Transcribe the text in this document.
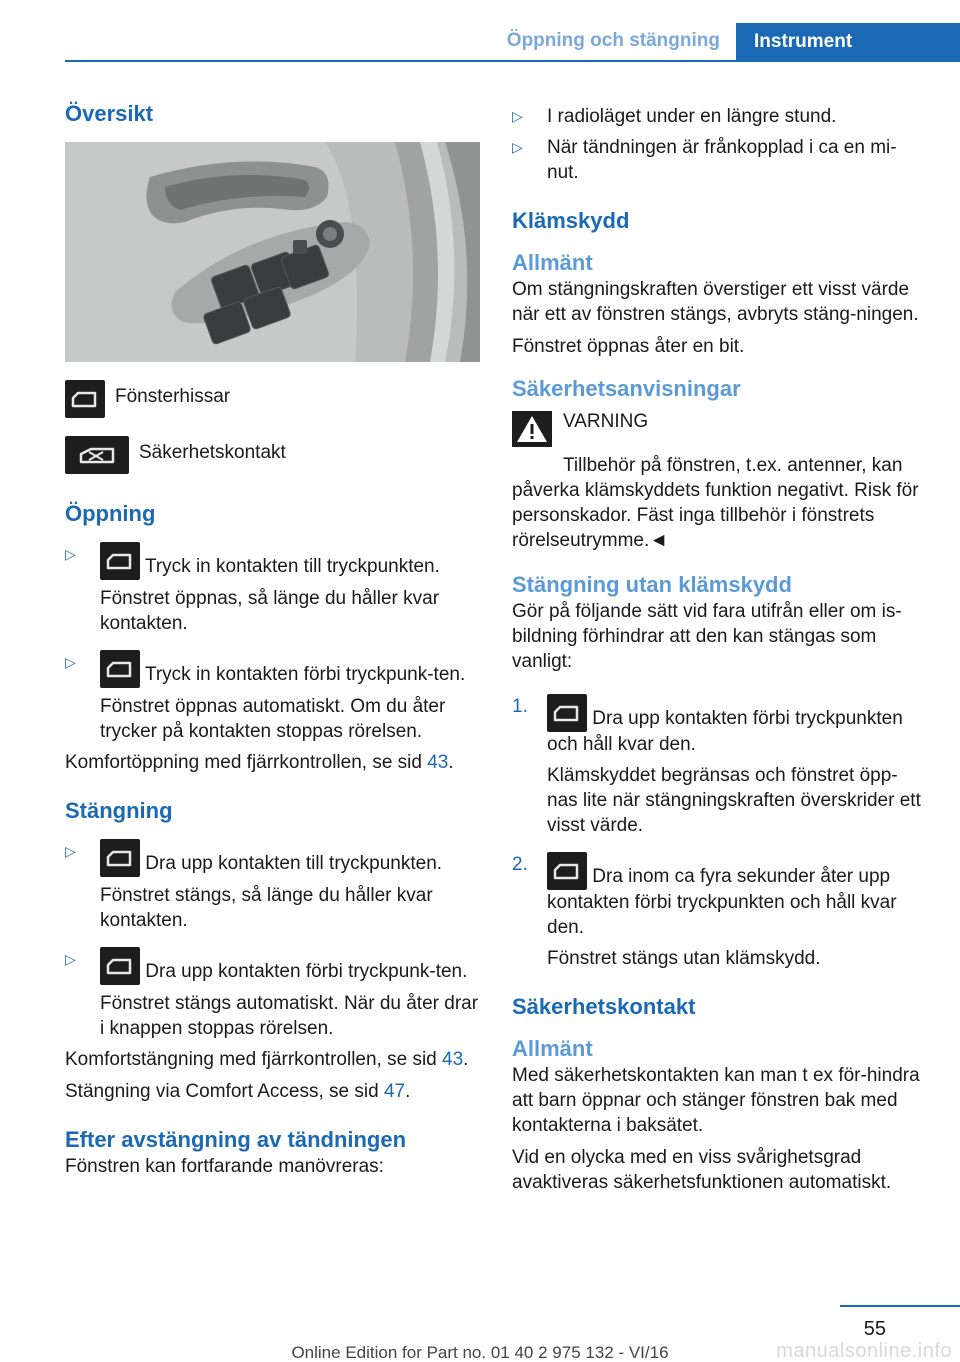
Öppning och stängning	Instrument
Översikt
Fönsterhissar
Säkerhetskontakt
Öppning
▷
Tryck in kontakten till tryckpunkten.

Fönstret öppnas, så länge du håller kvar kontakten.

▷
Tryck in kontakten förbi tryckpunk‐ten.

Fönstret öppnas automatiskt. Om du åter trycker på kontakten stoppas rörelsen.

Komfortöppning med fjärrkontrollen, se sid 43.

Stängning
▷
Dra upp kontakten till tryckpunkten.

Fönstret stängs, så länge du håller kvar kontakten.

▷
Dra upp kontakten förbi tryckpunk‐ten.

Fönstret stängs automatiskt. När du åter drar i knappen stoppas rörelsen.

Komfortstängning med fjärrkontrollen, se sid 43.

Stängning via Comfort Access, se sid 47.

Efter avstängning av tändningen

Fönstren kan fortfarande manövreras:

▷ I radioläget under en längre stund.
▷ När tändningen är frånkopplad i ca en mi‐nut.
Klämskydd
Allmänt

Om stängningskraften överstiger ett visst värde när ett av fönstren stängs, avbryts stäng‐ningen.

Fönstret öppnas åter en bit.

Säkerhetsanvisningar

VARNING

Tillbehör på fönstren, t.ex. antenner, kan påverka klämskyddets funktion negativt. Risk för personskador. Fäst inga tillbehör i fönstrets rörelseutrymme.◄

Stängning utan klämskydd

Gör på följande sätt vid fara utifrån eller om is‐bildning förhindrar att den kan stängas som vanligt:

1.
Dra upp kontakten förbi tryckpunkten och håll kvar den.

Klämskyddet begränsas och fönstret öpp‐nas lite när stängningskraften överskrider ett visst värde.

2.
Dra inom ca fyra sekunder åter upp kontakten förbi tryckpunkten och håll kvar den.

Fönstret stängs utan klämskydd.

Säkerhetskontakt
Allmänt

Med säkerhetskontakten kan man t ex för‐hindra att barn öppnar och stänger fönstren bak med kontakterna i baksätet.

Vid en olycka med en viss svårighetsgrad avaktiveras säkerhetsfunktionen automatiskt.

55
Online Edition for Part no. 01 40 2 975 132 - VI/16	manualsonline.info
